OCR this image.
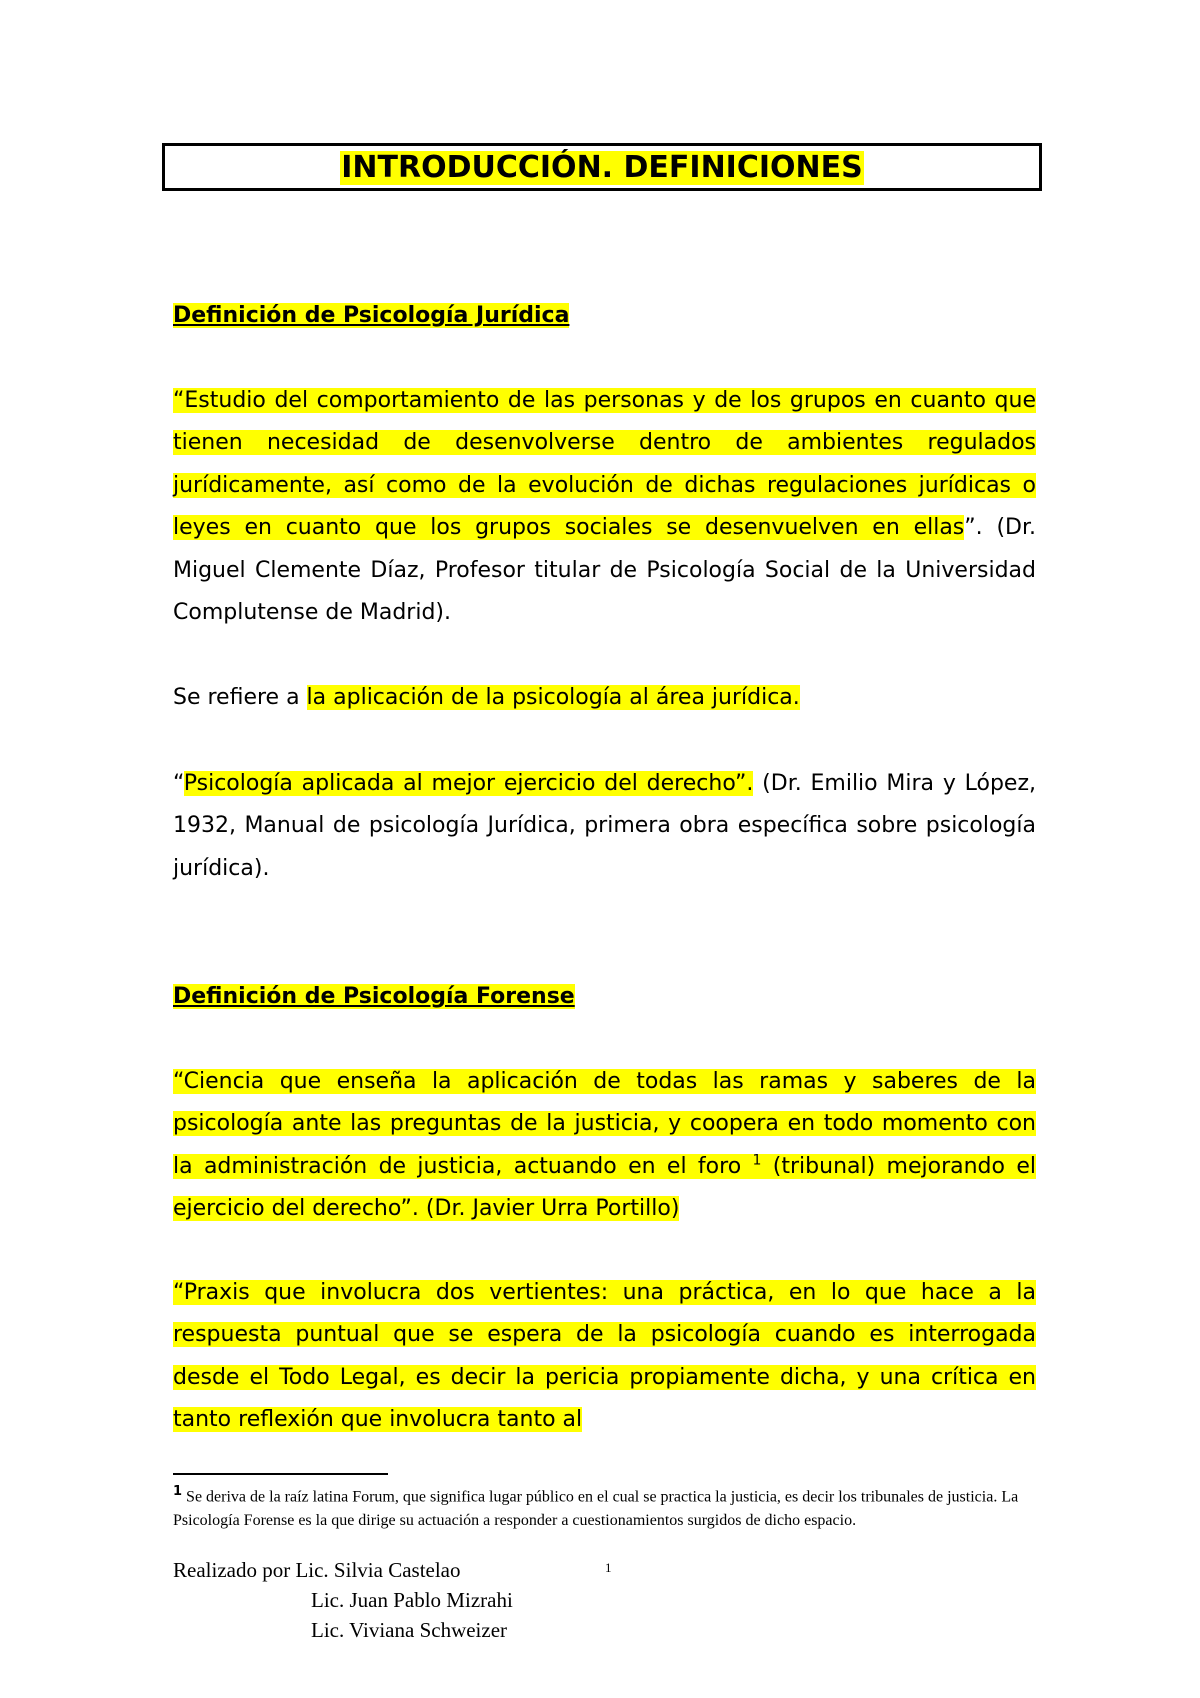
INTRODUCCIÓN. DEFINICIONES
Definición de Psicología Jurídica

“Estudio del comportamiento de las personas y de los grupos en cuanto que tienen necesidad de desenvolverse dentro de ambientes regulados jurídicamente, así como de la evolución de dichas regulaciones jurídicas o leyes en cuanto que los grupos sociales se desenvuelven en ellas”. (Dr. Miguel Clemente Díaz, Profesor titular de Psicología Social de la Universidad Complutense de Madrid).

Se refiere a la aplicación de la psicología al área jurídica.

“Psicología aplicada al mejor ejercicio del derecho”. (Dr. Emilio Mira y López, 1932, Manual de psicología Jurídica, primera obra específica sobre psicología jurídica).

Definición de Psicología Forense

“Ciencia que enseña la aplicación de todas las ramas y saberes de la psicología ante las preguntas de la justicia, y coopera en todo momento con la administración de justicia, actuando en el foro $^1$ (tribunal) mejorando el ejercicio del derecho”. (Dr. Javier Urra Portillo)

“Praxis que involucra dos vertientes: una práctica, en lo que hace a la respuesta puntual que se espera de la psicología cuando es interrogada desde el Todo Legal, es decir la pericia propiamente dicha, y una crítica en tanto reflexión que involucra tanto al

$^1$ Se deriva de la raíz latina Forum, que significa lugar público en el cual se practica la justicia, es decir los tribunales de justicia. La Psicología Forense es la que dirige su actuación a responder a cuestionamientos surgidos de dicho espacio.
Realizado por Lic. Silvia Castelao
Lic. Juan Pablo Mizrahi
Lic. Viviana Schweizer
1
